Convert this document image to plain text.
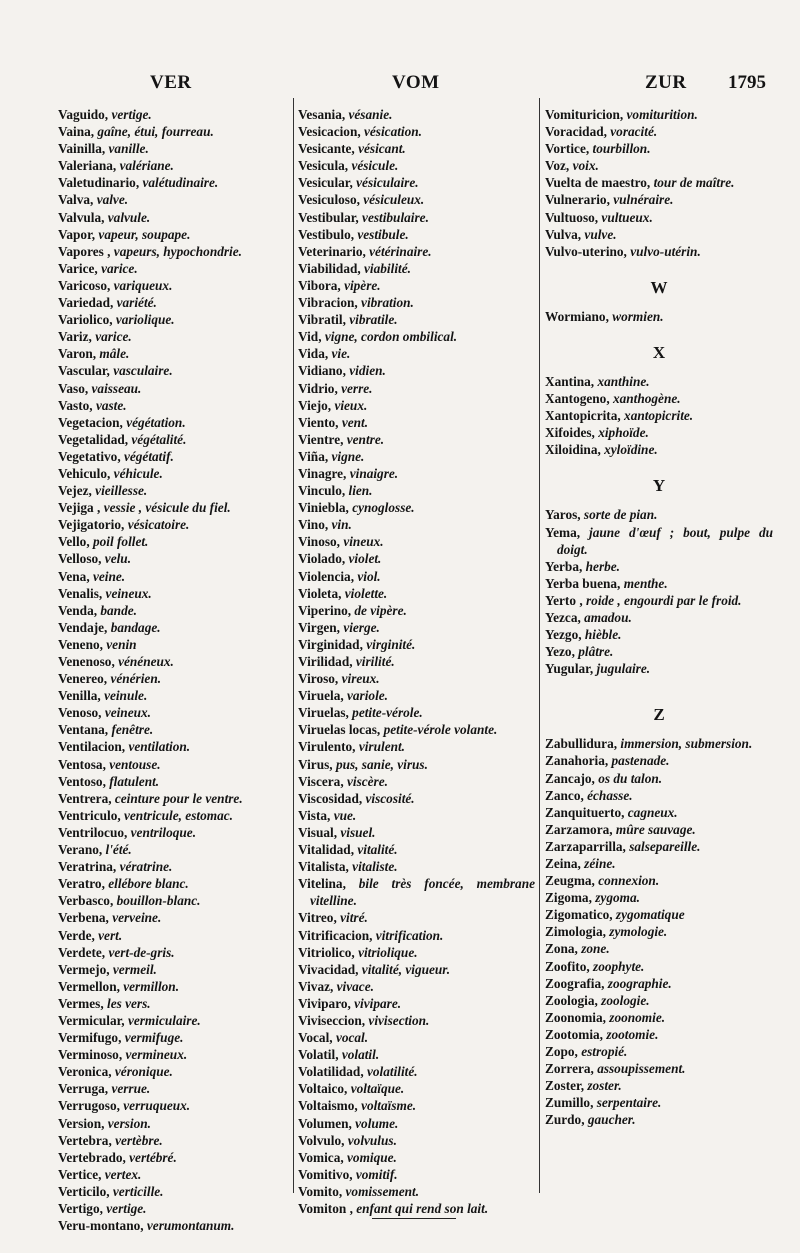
VER	VOM	ZUR 1795

Vaguido, vertige.

Vaina, gaîne, étui, fourreau.

Vainilla, vanille.

Valeriana, valériane.

Valetudinario, valétudinaire.

Valva, valve.

Valvula, valvule.

Vapor, vapeur, soupape.

Vapores , vapeurs, hypochondrie.

Varice, varice.

Varicoso, variqueux.

Variedad, variété.

Variolico, variolique.

Variz, varice.

Varon, mâle.

Vascular, vasculaire.

Vaso, vaisseau.

Vasto, vaste.

Vegetacion, végétation.

Vegetalidad, végétalité.

Vegetativo, végétatif.

Vehiculo, véhicule.

Vejez, vieillesse.

Vejiga , vessie , vésicule du fiel.

Vejigatorio, vésicatoire.

Vello, poil follet.

Velloso, velu.

Vena, veine.

Venalis, veineux.

Venda, bande.

Vendaje, bandage.

Veneno, venin

Venenoso, vénéneux.

Venereo, vénérien.

Venilla, veinule.

Venoso, veineux.

Ventana, fenêtre.

Ventilacion, ventilation.

Ventosa, ventouse.

Ventoso, flatulent.

Ventrera, ceinture pour le ventre.

Ventriculo, ventricule, estomac.

Ventrilocuo, ventriloque.

Verano, l'été.

Veratrina, vératrine.

Veratro, ellébore blanc.

Verbasco, bouillon-blanc.

Verbena, verveine.

Verde, vert.

Verdete, vert-de-gris.

Vermejo, vermeil.

Vermellon, vermillon.

Vermes, les vers.

Vermicular, vermiculaire.

Vermifugo, vermifuge.

Verminoso, vermineux.

Veronica, véronique.

Verruga, verrue.

Verrugoso, verruqueux.

Version, version.

Vertebra, vertèbre.

Vertebrado, vertébré.

Vertice, vertex.

Verticilo, verticille.

Vertigo, vertige.

Veru-montano, verumontanum.

Vesania, vésanie.

Vesicacion, vésication.

Vesicante, vésicant.

Vesicula, vésicule.

Vesicular, vésiculaire.

Vesiculoso, vésiculeux.

Vestibular, vestibulaire.

Vestibulo, vestibule.

Veterinario, vétérinaire.

Viabilidad, viabilité.

Vibora, vipère.

Vibracion, vibration.

Vibratil, vibratile.

Vid, vigne, cordon ombilical.

Vida, vie.

Vidiano, vidien.

Vidrio, verre.

Viejo, vieux.

Viento, vent.

Vientre, ventre.

Viña, vigne.

Vinagre, vinaigre.

Vinculo, lien.

Viniebla, cynoglosse.

Vino, vin.

Vinoso, vineux.

Violado, violet.

Violencia, viol.

Violeta, violette.

Viperino, de vipère.

Virgen, vierge.

Virginidad, virginité.

Virilidad, virilité.

Viroso, vireux.

Viruela, variole.

Viruelas, petite-vérole.

Viruelas locas, petite-vérole volante.

Virulento, virulent.

Virus, pus, sanie, virus.

Viscera, viscère.

Viscosidad, viscosité.

Vista, vue.

Visual, visuel.

Vitalidad, vitalité.

Vitalista, vitaliste.

Vitelina, bile très foncée, membrane vitelline.

Vitreo, vitré.

Vitrificacion, vitrification.

Vitriolico, vitriolique.

Vivacidad, vitalité, vigueur.

Vivaz, vivace.

Viviparo, vivipare.

Viviseccion, vivisection.

Vocal, vocal.

Volatil, volatil.

Volatilidad, volatilité.

Voltaico, voltaïque.

Voltaismo, voltaïsme.

Volumen, volume.

Volvulo, volvulus.

Vomica, vomique.

Vomitivo, vomitif.

Vomito, vomissement.

Vomiton , enfant qui rend son lait.

Vomituricion, vomiturition.

Voracidad, voracité.

Vortice, tourbillon.

Voz, voix.

Vuelta de maestro, tour de maître.

Vulnerario, vulnéraire.

Vultuoso, vultueux.

Vulva, vulve.

Vulvo-uterino, vulvo-utérin.

W

Wormiano, wormien.

X

Xantina, xanthine.

Xantogeno, xanthogène.

Xantopicrita, xantopicrite.

Xifoides, xiphoïde.

Xiloidina, xyloïdine.

Y

Yaros, sorte de pian.

Yema, jaune d'œuf ; bout, pulpe du doigt.

Yerba, herbe.

Yerba buena, menthe.

Yerto , roide , engourdi par le froid.

Yezca, amadou.

Yezgo, hièble.

Yezo, plâtre.

Yugular, jugulaire.

Z

Zabullidura, immersion, submersion.

Zanahoria, pastenade.

Zancajo, os du talon.

Zanco, échasse.

Zanquituerto, cagneux.

Zarzamora, mûre sauvage.

Zarzaparrilla, salsepareille.

Zeina, zéine.

Zeugma, connexion.

Zigoma, zygoma.

Zigomatico, zygomatique

Zimologia, zymologie.

Zona, zone.

Zoofito, zoophyte.

Zoografia, zoographie.

Zoologia, zoologie.

Zoonomia, zoonomie.

Zootomia, zootomie.

Zopo, estropié.

Zorrera, assoupissement.

Zoster, zoster.

Zumillo, serpentaire.

Zurdo, gaucher.
